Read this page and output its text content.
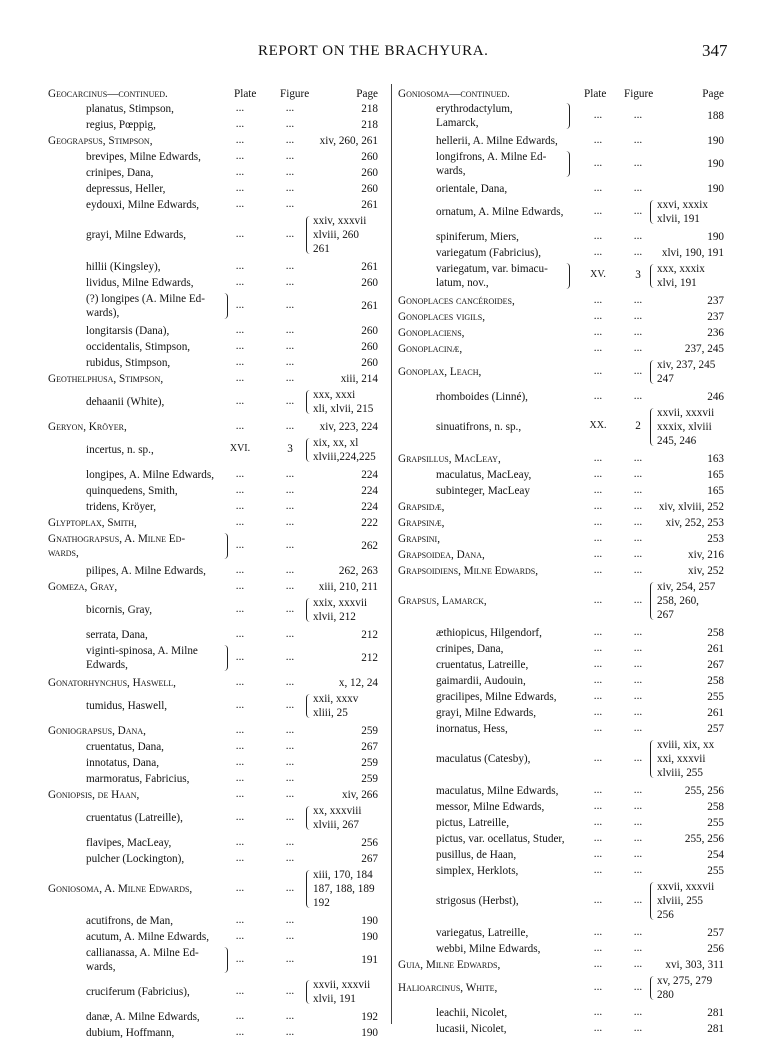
REPORT ON THE BRACHYURA.	347
Geocarcinus—continued.	Plate Figure	Page
planatus, Stimpson,	...	...	218
regius, Pœppig,	...	...	218
Geograpsus, Stimpson,	...	...	xiv, 260, 261
brevipes, Milne Edwards,	...	...	260
crinipes, Dana,	...	...	260
depressus, Heller,	...	...	260
eydouxi, Milne Edwards,	...	...	261
grayi, Milne Edwards,	...	...
xxiv, xxxvii
xlviii, 260
261
hillii (Kingsley),	...	...	261
lividus, Milne Edwards,	...	...	260
(?) longipes (A. Milne Ed-
wards),
...	...	261
longitarsis (Dana),	...	...	260
occidentalis, Stimpson,	...	...	260
rubidus, Stimpson,	...	...	260
Geothelphusa, Stimpson,	...	...	xiii, 214
dehaanii (White),	...	...	xxx, xxxi
xli, xlvii, 215
Geryon, Kröyer,	...	...	xiv, 223, 224
incertus, n. sp.,	XVI.	3	xix, xx, xl
xlviii,224,225
longipes, A. Milne Edwards,	...	...	224
quinquedens, Smith,	...	...	224
tridens, Kröyer,	...	...	224
Glyptoplax, Smith,	...	...	222
Gnathograpsus, A. Milne Ed-
wards,
...	...	262
pilipes, A. Milne Edwards,	...	...	262, 263
Gomeza, Gray,	...	...	xiii, 210, 211
bicornis, Gray,	...	...	xxix, xxxvii
xlvii, 212
serrata, Dana,	...	...	212
viginti-spinosa, A. Milne
Edwards,
...	...	212
Gonatorhynchus, Haswell,	...	...	x, 12, 24
tumidus, Haswell,	...	...	xxii, xxxv
xliii, 25
Goniograpsus, Dana,	...	...	259
cruentatus, Dana,	...	...	267
innotatus, Dana,	...	...	259
marmoratus, Fabricius,	...	...	259
Goniopsis, de Haan,	...	...	xiv, 266
cruentatus (Latreille),	...	...	xx, xxxviii
xlviii, 267
flavipes, MacLeay,	...	...	256
pulcher (Lockington),	...	...	267
Goniosoma, A. Milne Edwards,	...	...
xiii, 170, 184
187, 188, 189
192
acutifrons, de Man,	...	...	190
acutum, A. Milne Edwards,	...	...	190
callianassa, A. Milne Ed-
wards,
...	...	191
cruciferum (Fabricius),	...	...	xxvii, xxxvii
xlvii, 191
danæ, A. Milne Edwards,	...	...	192
dubium, Hoffmann,	...	...	190
Goniosoma—continued.	Plate Figure	Page
erythrodactylum,
Lamarck,
...	...	188
hellerii, A. Milne Edwards,	...	...	190
longifrons, A. Milne Ed-
wards,
...	...	190
orientale, Dana,	...	...	190
ornatum, A. Milne Edwards,	...	...	xxvi, xxxix
xlvii, 191
spiniferum, Miers,	...	...	190
variegatum (Fabricius),	...	...	xlvi, 190, 191
variegatum, var. bimacu-
latum, nov.,
XV.	3	xxx, xxxix
xlvi, 191
Gonoplaces cancéroides,	...	...	237
Gonoplaces vigils,	...	...	237
Gonoplaciens,	...	...	236
Gonoplacinæ,	...	...	237, 245
Gonoplax, Leach,	...	...	xiv, 237, 245
247
rhomboides (Linné),	...	...	246
sinuatifrons, n. sp.,	XX.	2
xxvii, xxxvii
xxxix, xlviii
245, 246
Grapsillus, MacLeay,	...	...	163
maculatus, MacLeay,	...	...	165
subinteger, MacLeay	...	...	165
Grapsidæ,	...	...	xiv, xlviii, 252
Grapsinæ,	...	...	xiv, 252, 253
Grapsini,	...	...	253
Grapsoidea, Dana,	...	...	xiv, 216
Grapsoidiens, Milne Edwards,	...	...	xiv, 252
Grapsus, Lamarck,	...	...
xiv, 254, 257
258, 260,
267
æthiopicus, Hilgendorf,	...	...	258
crinipes, Dana,	...	...	261
cruentatus, Latreille,	...	...	267
gaimardii, Audouin,	...	...	258
gracilipes, Milne Edwards,	...	...	255
grayi, Milne Edwards,	...	...	261
inornatus, Hess,	...	...	257
maculatus (Catesby),	...	...
xviii, xix, xx
xxi, xxxvii
xlviii, 255
maculatus, Milne Edwards,	...	...	255, 256
messor, Milne Edwards,	...	...	258
pictus, Latreille,	...	...	255
pictus, var. ocellatus, Studer,	...	...	255, 256
pusillus, de Haan,	...	...	254
simplex, Herklots,	...	...	255
strigosus (Herbst),	...	...
xxvii, xxxvii
xlviii, 255
256
variegatus, Latreille,	...	...	257
webbi, Milne Edwards,	...	...	256
Guia, Milne Edwards,	...	...	xvi, 303, 311
Halioarcinus, White,	...	...	xv, 275, 279
280
leachii, Nicolet,	...	...	281
lucasii, Nicolet,	...	...	281
